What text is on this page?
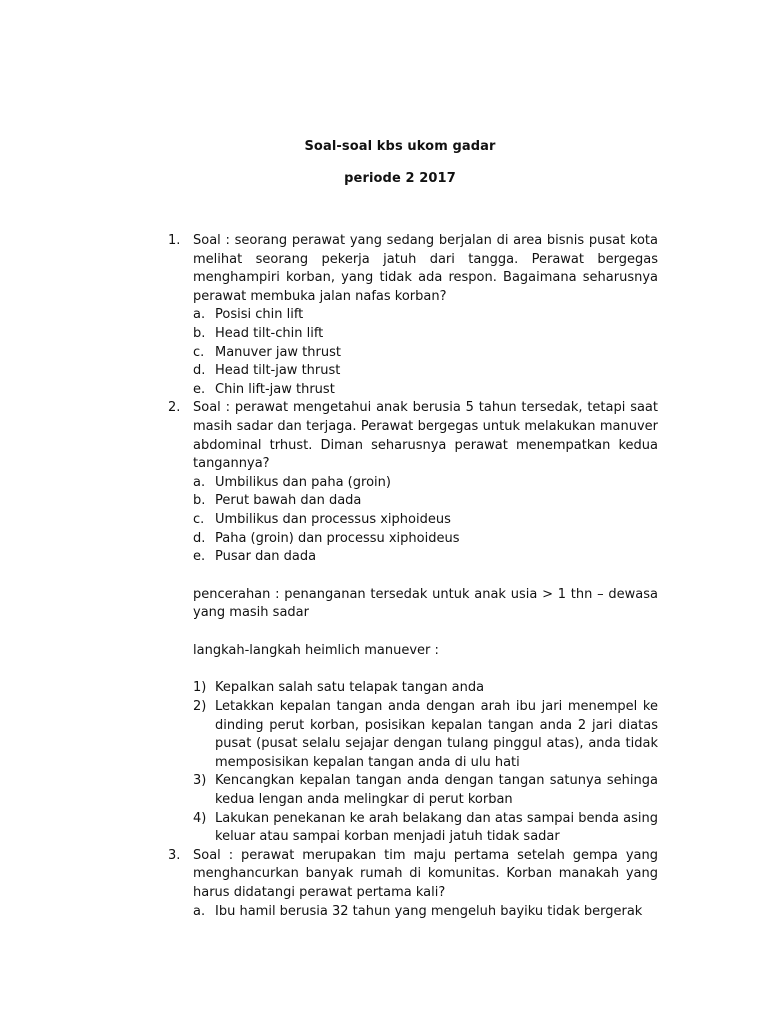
Soal-soal kbs ukom gadar
periode 2 2017
1. Soal : seorang perawat yang sedang berjalan di area bisnis pusat kota melihat seorang pekerja jatuh dari tangga. Perawat bergegas menghampiri korban, yang tidak ada respon. Bagaimana seharusnya perawat membuka jalan nafas korban?
a. Posisi chin lift
b. Head tilt-chin lift
c. Manuver jaw thrust
d. Head tilt-jaw thrust
e. Chin lift-jaw thrust
2. Soal : perawat mengetahui anak berusia 5 tahun tersedak, tetapi saat masih sadar dan terjaga. Perawat bergegas untuk melakukan manuver abdominal trhust. Diman seharusnya perawat menempatkan kedua tangannya?
a. Umbilikus dan paha (groin)
b. Perut bawah dan dada
c. Umbilikus dan processus xiphoideus
d. Paha (groin) dan processu xiphoideus
e. Pusar dan dada
pencerahan : penanganan tersedak untuk anak usia > 1 thn – dewasa yang masih sadar
langkah-langkah heimlich manuever :
1) Kepalkan salah satu telapak tangan anda
2) Letakkan kepalan tangan anda dengan arah ibu jari menempel ke dinding perut korban, posisikan kepalan tangan anda 2 jari diatas pusat (pusat selalu sejajar dengan tulang pinggul atas), anda tidak memposisikan kepalan tangan anda di ulu hati
3) Kencangkan kepalan tangan anda dengan tangan satunya sehinga kedua lengan anda melingkar di perut korban
4) Lakukan penekanan ke arah belakang dan atas sampai benda asing keluar atau sampai korban menjadi jatuh tidak sadar
3. Soal : perawat merupakan tim maju pertama setelah gempa yang menghancurkan banyak rumah di komunitas. Korban manakah yang harus didatangi perawat pertama kali?
a. Ibu hamil berusia 32 tahun yang mengeluh bayiku tidak bergerak
